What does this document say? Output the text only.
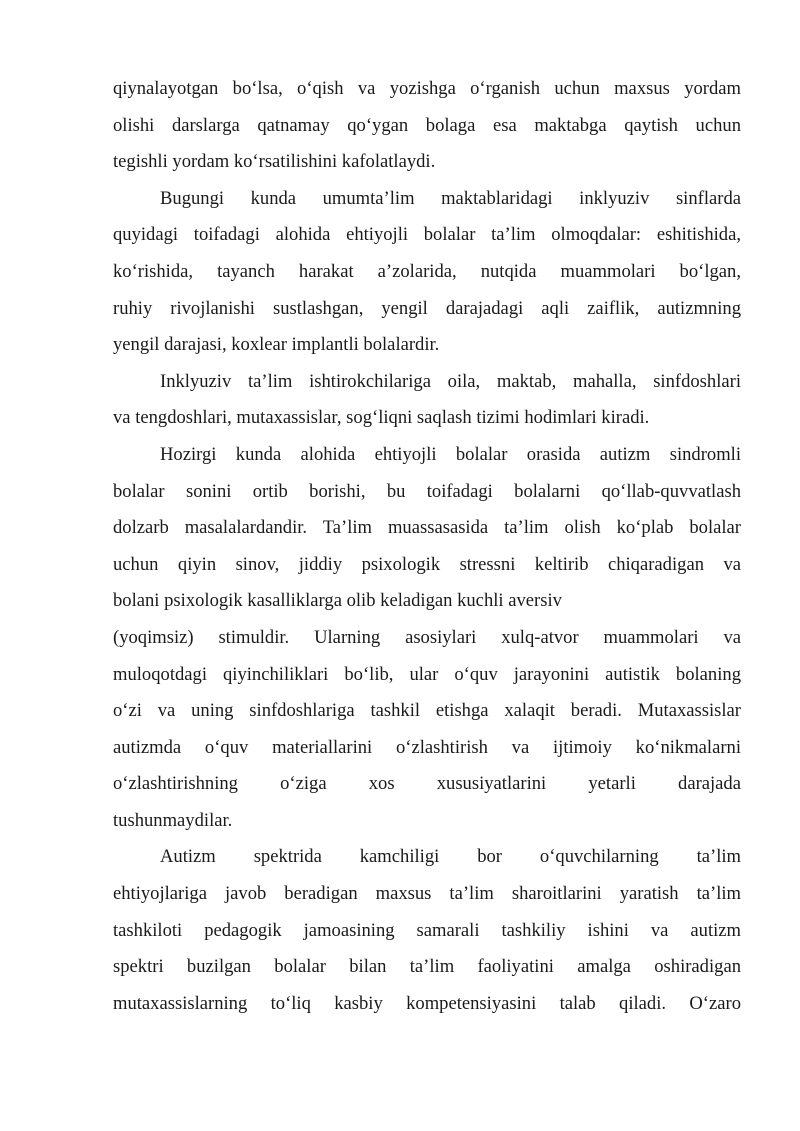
qiynalayotgan bo‘lsa, o‘qish va yozishga o‘rganish uchun maxsus yordam
olishi darslarga qatnamay qo‘ygan bolaga esa maktabga qaytish uchun
tegishli yordam ko‘rsatilishini kafolatlaydi.
Bugungi kunda umumta’lim maktablaridagi inklyuziv sinflarda
quyidagi toifadagi alohida ehtiyojli bolalar ta’lim olmoqdalar: eshitishida,
ko‘rishida, tayanch harakat a’zolarida, nutqida muammolari bo‘lgan,
ruhiy rivojlanishi sustlashgan, yengil darajadagi aqli zaiflik, autizmning
yengil darajasi, koxlear implantli bolalardir.
Inklyuziv ta’lim ishtirokchilariga oila, maktab, mahalla, sinfdoshlari
va tengdoshlari, mutaxassislar, sog‘liqni saqlash tizimi hodimlari kiradi.
Hozirgi kunda alohida ehtiyojli bolalar orasida autizm sindromli
bolalar sonini ortib borishi, bu toifadagi bolalarni qo‘llab-quvvatlash
dolzarb masalalardandir. Ta’lim muassasasida ta’lim olish ko‘plab bolalar
uchun qiyin sinov, jiddiy psixologik stressni keltirib chiqaradigan va
bolani psixologik kasalliklarga olib keladigan kuchli aversiv
(yoqimsiz) stimuldir. Ularning asosiylari xulq-atvor muammolari va
muloqotdagi qiyinchiliklari bo‘lib, ular o‘quv jarayonini autistik bolaning
o‘zi va uning sinfdoshlariga tashkil etishga xalaqit beradi. Mutaxassislar
autizmda o‘quv materiallarini o‘zlashtirish va ijtimoiy ko‘nikmalarni
o‘zlashtirishning o‘ziga xos xususiyatlarini yetarli darajada
tushunmaydilar.
Autizm spektrida kamchiligi bor o‘quvchilarning ta’lim
ehtiyojlariga javob beradigan maxsus ta’lim sharoitlarini yaratish ta’lim
tashkiloti pedagogik jamoasining samarali tashkiliy ishini va autizm
spektri buzilgan bolalar bilan ta’lim faoliyatini amalga oshiradigan
mutaxassislarning to‘liq kasbiy kompetensiyasini talab qiladi. O‘zaro
